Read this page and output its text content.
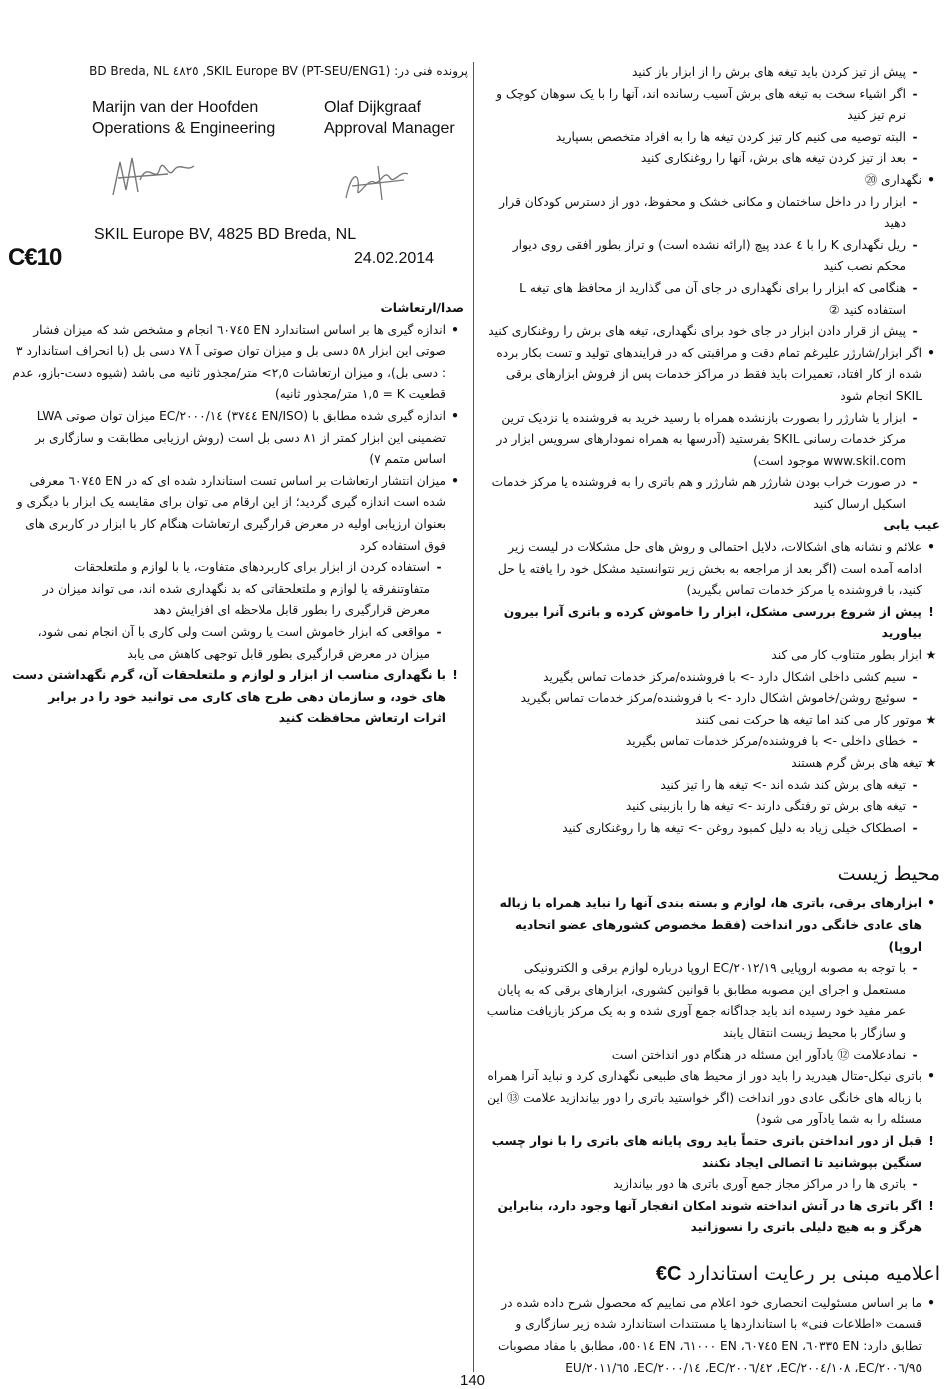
-
پیش از تیز کردن باید تیغه های برش را از ابزار باز کنید
-
اگر اشیاء سخت به تیغه های برش آسیب رسانده اند، آنها را با یک سوهان کوچک و نرم تیز کنید
-
البته توصیه می کنیم کار تیز کردن تیغه ها را به افراد متخصص بسپارید
-
بعد از تیز کردن تیغه های برش، آنها را روغنکاری کنید
•
نگهداری ⑳
-
ابزار را در داخل ساختمان و مکانی خشک و محفوظ، دور از دسترس کودکان قرار دهید
-
ریل نگهداری K را با ٤ عدد پیچ (ارائه نشده است) و تراز بطور افقی روی دیوار محکم نصب کنید
-
هنگامی که ابزار را برای نگهداری در جای آن می گذارید از محافظ های تیغه L استفاده کنید ②
-
پیش از قرار دادن ابزار در جای خود برای نگهداری، تیغه های برش را روغنکاری کنید
•
اگر ابزار/شارژر علیرغم تمام دقت و مراقبتی که در فرایندهای تولید و تست بکار برده شده از کار افتاد، تعمیرات باید فقط در مراکز خدمات پس از فروش ابزارهای برقی SKIL انجام شود
-
ابزار یا شارژر را بصورت بازنشده همراه با رسید خرید به فروشنده یا نزدیک ترین مرکز خدمات رسانی SKIL بفرستید (آدرسها به همراه نمودارهای سرویس ابزار در www.skil.com موجود است)
-
در صورت خراب بودن شارژر هم شارژر و هم باتری را به فروشنده یا مرکز خدمات اسکیل ارسال کنید
عیب یابی
•
علائم و نشانه های اشکالات، دلایل احتمالی و روش های حل مشکلات در لیست زیر ادامه آمده است (اگر بعد از مراجعه به بخش زیر نتوانستید مشکل خود را یافته یا حل کنید، با فروشنده یا مرکز خدمات تماس بگیرید)
!
پیش از شروع بررسی مشکل، ابزار را خاموش کرده و باتری آنرا بیرون بیاورید
★
ابزار بطور متناوب کار می کند
-
سیم کشی داخلی اشکال دارد -> با فروشنده/مرکز خدمات تماس بگیرید
-
سوئیچ روشن/خاموش اشکال دارد -> با فروشنده/مرکز خدمات تماس بگیرید
★
موتور کار می کند اما تیغه ها حرکت نمی کنند
-
خطای داخلی -> با فروشنده/مرکز خدمات تماس بگیرید
★
تیغه های برش گرم هستند
-
تیغه های برش کند شده اند -> تیغه ها را تیز کنید
-
تیغه های برش تو رفتگی دارند -> تیغه ها را بازبینی کنید
-
اصطکاک خیلی زیاد به دلیل کمبود روغن -> تیغه ها را روغنکاری کنید
محیط زیست
•
ابزارهای برقی، باتری ها، لوازم و بسته بندی آنها را نباید همراه با زباله های عادی خانگی دور انداخت (فقط مخصوص کشورهای عضو اتحادیه اروپا)
-
با توجه به مصوبه اروپایی ٢٠١٢/١٩/EC اروپا درباره لوازم برقی و الکترونیکی مستعمل و اجرای این مصوبه مطابق با قوانین کشوری، ابزارهای برقی که به پایان عمر مفید خود رسیده اند باید جداگانه جمع آوری شده و به یک مرکز بازیافت مناسب و سازگار با محیط زیست انتقال یابند
-
نمادعلامت ⑫ یادآور این مسئله در هنگام دور انداختن است
•
باتری نیکل-متال هیدرید را باید دور از محیط های طبیعی نگهداری کرد و نباید آنرا همراه با زباله های خانگی عادی دور انداخت (اگر خواستید باتری را دور بیاندازید علامت ⑬ این مسئله را به شما یادآور می شود)
!
قبل از دور انداختن باتری حتماً باید روی پایانه های باتری را با نوار چسب سنگین بپوشانید تا اتصالی ایجاد نکنند
-
باتری ها را در مراکز مجاز جمع آوری باتری ها دور بیاندازید
!
اگر باتری ها در آتش انداخته شوند امکان انفجار آنها وجود دارد، بنابراین هرگز و به هیچ دلیلی باتری را نسوزانید
اعلامیه مبنی بر رعایت استانداردC€
•
ما بر اساس مسئولیت انحصاری خود اعلام می نماییم که محصول شرح داده شده در قسمت «اطلاعات فنی» با استانداردها یا مستندات استاندارد شده زیر سازگاری و تطابق دارد: EN ٦٠٣٣٥، EN ٦٠٧٤٥، EN ٦١٠٠٠، EN ٥٥٠١٤، مطابق با مفاد مصوبات ٢٠٠٦/٩٥/EC، ٢٠٠٤/١٠٨/EC، ٢٠٠٦/٤٢/EC، ٢٠٠٠/١٤/EC، ٢٠١١/٦٥/EU
پرونده فنی در: SKIL Europe BV (PT-SEU/ENG1), ٤٨٢٥ BD Breda, NL
Marijn van der Hoofden
Operations & Engineering
Olaf Dijkgraaf
Approval Manager
SKIL Europe BV, 4825 BD Breda, NL
C€10	24.02.2014
صدا/ارتعاشات
•
اندازه گیری ها بر اساس استاندارد EN ٦٠٧٤٥ انجام و مشخص شد که میزان فشار صوتی این ابزار ٥٨ دسی بل و میزان توان صوتی آ ٧٨ دسی بل (با انحراف استاندارد ٣ : دسی بل)، و میزان ارتعاشات ٢,٥> متر/مجذور ثانیه می باشد (شیوه دست-بازو، عدم قطعیت K = ١,٥ متر/مجذور ثانیه)
•
اندازه گیری شده مطابق با (EN/ISO ٣٧٤٤) ٢٠٠٠/١٤/EC میزان توان صوتی LWA تضمینی این ابزار کمتر از ٨١ دسی بل است (روش ارزیابی مطابقت و سازگاری بر اساس متمم ٧)
•
میزان انتشار ارتعاشات بر اساس تست استاندارد شده ای که در EN ٦٠٧٤٥ معرفی شده است اندازه گیری گردید؛ از این ارقام می توان برای مقایسه یک ابزار با دیگری و بعنوان ارزیابی اولیه در معرض قرارگیری ارتعاشات هنگام کار با ابزار در کاربری های فوق استفاده کرد
-
استفاده کردن از ابزار برای کاربردهای متفاوت، یا با لوازم و ملتعلحقات متفاوتنفرقه یا لوازم و ملتعلحقاتی که بد نگهداری شده اند، می تواند میزان در معرض قرارگیری را بطور قابل ملاحظه ای افزایش دهد
-
مواقعی که ابزار خاموش است یا روشن است ولی کاری با آن انجام نمی شود، میزان در معرض قرارگیری بطور قابل توجهی کاهش می یابد
!
با نگهداری مناسب از ابزار و لوازم و ملتعلحقات آن، گرم نگهداشتن دست های خود، و سازمان دهی طرح های کاری می توانید خود را در برابر اثرات ارتعاش محافظت کنید
140
